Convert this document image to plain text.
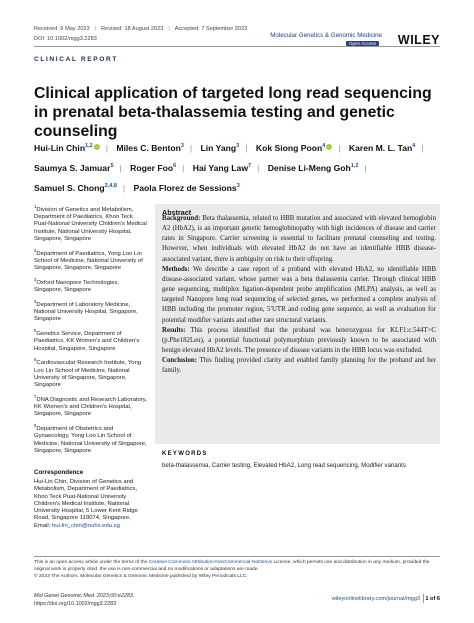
Received: 6 May 2023 | Revised: 18 August 2023 | Accepted: 7 September 2023
DOI: 10.1002/mgg3.2283
CLINICAL REPORT
Molecular Genetics & Genomic Medicine
Open Access WILEY
Clinical application of targeted long read sequencing in prenatal beta-thalassemia testing and genetic counseling
Hui-Lin Chin$^{1,2}$ | Miles C. Benton$^3$ | Lin Yang$^3$ | Kok Siong Poon$^4$ | Karen M. L. Tan$^4$ | Saumya S. Jamuar$^5$ | Roger Foo$^6$ | Hai Yang Law$^7$ | Denise Li-Meng Goh$^{1,2}$ | Samuel S. Chong$^{2,4,8}$ | Paola Florez de Sessions$^3$
$^1$Division of Genetics and Metabolism, Department of Paediatrics, Khoo Teck Puat-National University Children's Medical Institute, National University Hospital, Singapore, Singapore
$^2$Department of Paediatrics, Yong Loo Lin School of Medicine, National University of Singapore, Singapore, Singapore
$^3$Oxford Nanopore Technologies, Singapore, Singapore
$^4$Department of Laboratory Medicine, National University Hospital, Singapore, Singapore
$^5$Genetics Service, Department of Paediatrics, KK Women's and Children's Hospital, Singapore, Singapore
$^6$Cardiovascular Research Institute, Yong Loo Lin School of Medicine, National University of Singapore, Singapore, Singapore
$^7$DNA Diagnostic and Research Laboratory, KK Women's and Children's Hospital, Singapore, Singapore
$^8$Department of Obstetrics and Gynaecology, Yong Loo Lin School of Medicine, National University of Singapore, Singapore, Singapore
Correspondence
Hui-Lin Chin, Division of Genetics and Metabolism, Department of Paediatrics, Khoo Teck Puat-National University Children's Medical Institute, National University Hospital, 5 Lower Kent Ridge Road, Singapore 119074, Singapore.
Email: hui-lin_chin@nuhs.edu.sg
Abstract

Background: Beta thalassemia, related to HBB mutation and associated with elevated hemoglobin A2 (HbA2), is an important genetic hemoglobinopathy with high incidences of disease and carrier rates in Singapore. Carrier screening is essential to facilitate prenatal counseling and testing. However, when individuals with elevated HbA2 do not have an identifiable HBB disease-associated variant, there is ambiguity on risk to their offspring.

Methods: We describe a case report of a proband with elevated HbA2, no identifiable HBB disease-associated variant, whose partner was a beta thalassemia carrier. Through clinical HBB gene sequencing, multiplex ligation-dependent probe amplification (MLPA) analysis, as well as targeted Nanopore long read sequencing of selected genes, we performed a complete analysis of HBB including the promoter region, 5′UTR and coding gene sequence, as well as evaluation for potential modifier variants and other rare structural variants.

Results: This process identified that the proband was heterozygous for KLF1:c.544T>C (p.Phe182Leu), a potential functional polymorphism previously known to be associated with benign elevated HbA2 levels. The presence of disease variants in the HBB locus was excluded.

Conclusion: This finding provided clarity and enabled family planning for the proband and her family.

KEYWORDS
beta-thalassemia, Carrier testing, Elevated HbA2, Long read sequencing, Modifier variants
This is an open access article under the terms of the Creative Commons Attribution-NonCommercial-NoDerivs License, which permits use and distribution in any medium, provided the original work is properly cited, the use is non-commercial and no modifications or adaptations are made.
© 2023 The Authors. Molecular Genetics & Genomic Medicine published by Wiley Periodicals LLC.
Mol Genet Genomic Med. 2023;00:e2283.
https://doi.org/10.1002/mgg3.2283
wileyonlinelibrary.com/journal/mgg3 1 of 6
